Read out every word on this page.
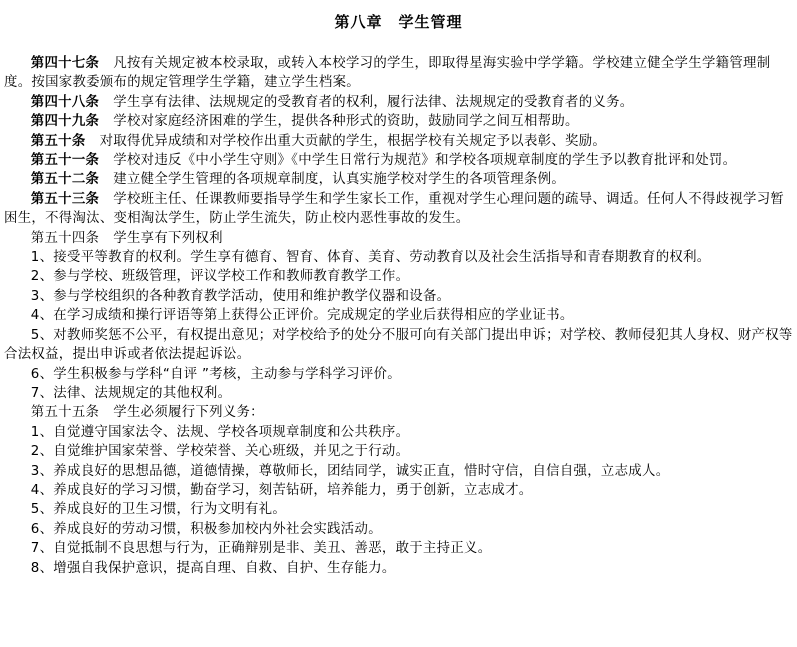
第八章　学生管理

第四十七条 凡按有关规定被本校录取，或转入本校学习的学生，即取得星海实验中学学籍。学校建立健全学生学籍管理制度。按国家教委颁布的规定管理学生学籍，建立学生档案。

第四十八条 学生享有法律、法规规定的受教育者的权利，履行法律、法规规定的受教育者的义务。

第四十九条 学校对家庭经济困难的学生，提供各种形式的资助，鼓励同学之间互相帮助。

第五十条 对取得优异成绩和对学校作出重大贡献的学生，根据学校有关规定予以表彰、奖励。

第五十一条 学校对违反《中小学生守则》《中学生日常行为规范》和学校各项规章制度的学生予以教育批评和处罚。

第五十二条 建立健全学生管理的各项规章制度，认真实施学校对学生的各项管理条例。

第五十三条 学校班主任、任课教师要指导学生和学生家长工作，重视对学生心理问题的疏导、调适。任何人不得歧视学习暂困生，不得淘汰、变相淘汰学生，防止学生流失，防止校内恶性事故的发生。

第五十四条 学生享有下列权利

1、接受平等教育的权利。学生享有德育、智育、体育、美育、劳动教育以及社会生活指导和青春期教育的权利。

2、参与学校、班级管理，评议学校工作和教师教育教学工作。

3、参与学校组织的各种教育教学活动，使用和维护教学仪器和设备。

4、在学习成绩和操行评语等第上获得公正评价。完成规定的学业后获得相应的学业证书。

5、对教师奖惩不公平，有权提出意见；对学校给予的处分不服可向有关部门提出申诉；对学校、教师侵犯其人身权、财产权等合法权益，提出申诉或者依法提起诉讼。

6、学生积极参与学科“自评 ”考核，主动参与学科学习评价。

7、法律、法规规定的其他权利。

第五十五条 学生必须履行下列义务：

1、自觉遵守国家法令、法规、学校各项规章制度和公共秩序。

2、自觉维护国家荣誉、学校荣誉、关心班级，并见之于行动。

3、养成良好的思想品德，道德情操，尊敬师长，团结同学，诚实正直，惜时守信，自信自强，立志成人。

4、养成良好的学习习惯，勤奋学习，刻苦钻研，培养能力，勇于创新，立志成才。

5、养成良好的卫生习惯，行为文明有礼。

6、养成良好的劳动习惯，积极参加校内外社会实践活动。

7、自觉抵制不良思想与行为，正确辩别是非、美丑、善恶，敢于主持正义。

8、增强自我保护意识，提高自理、自救、自护、生存能力。
